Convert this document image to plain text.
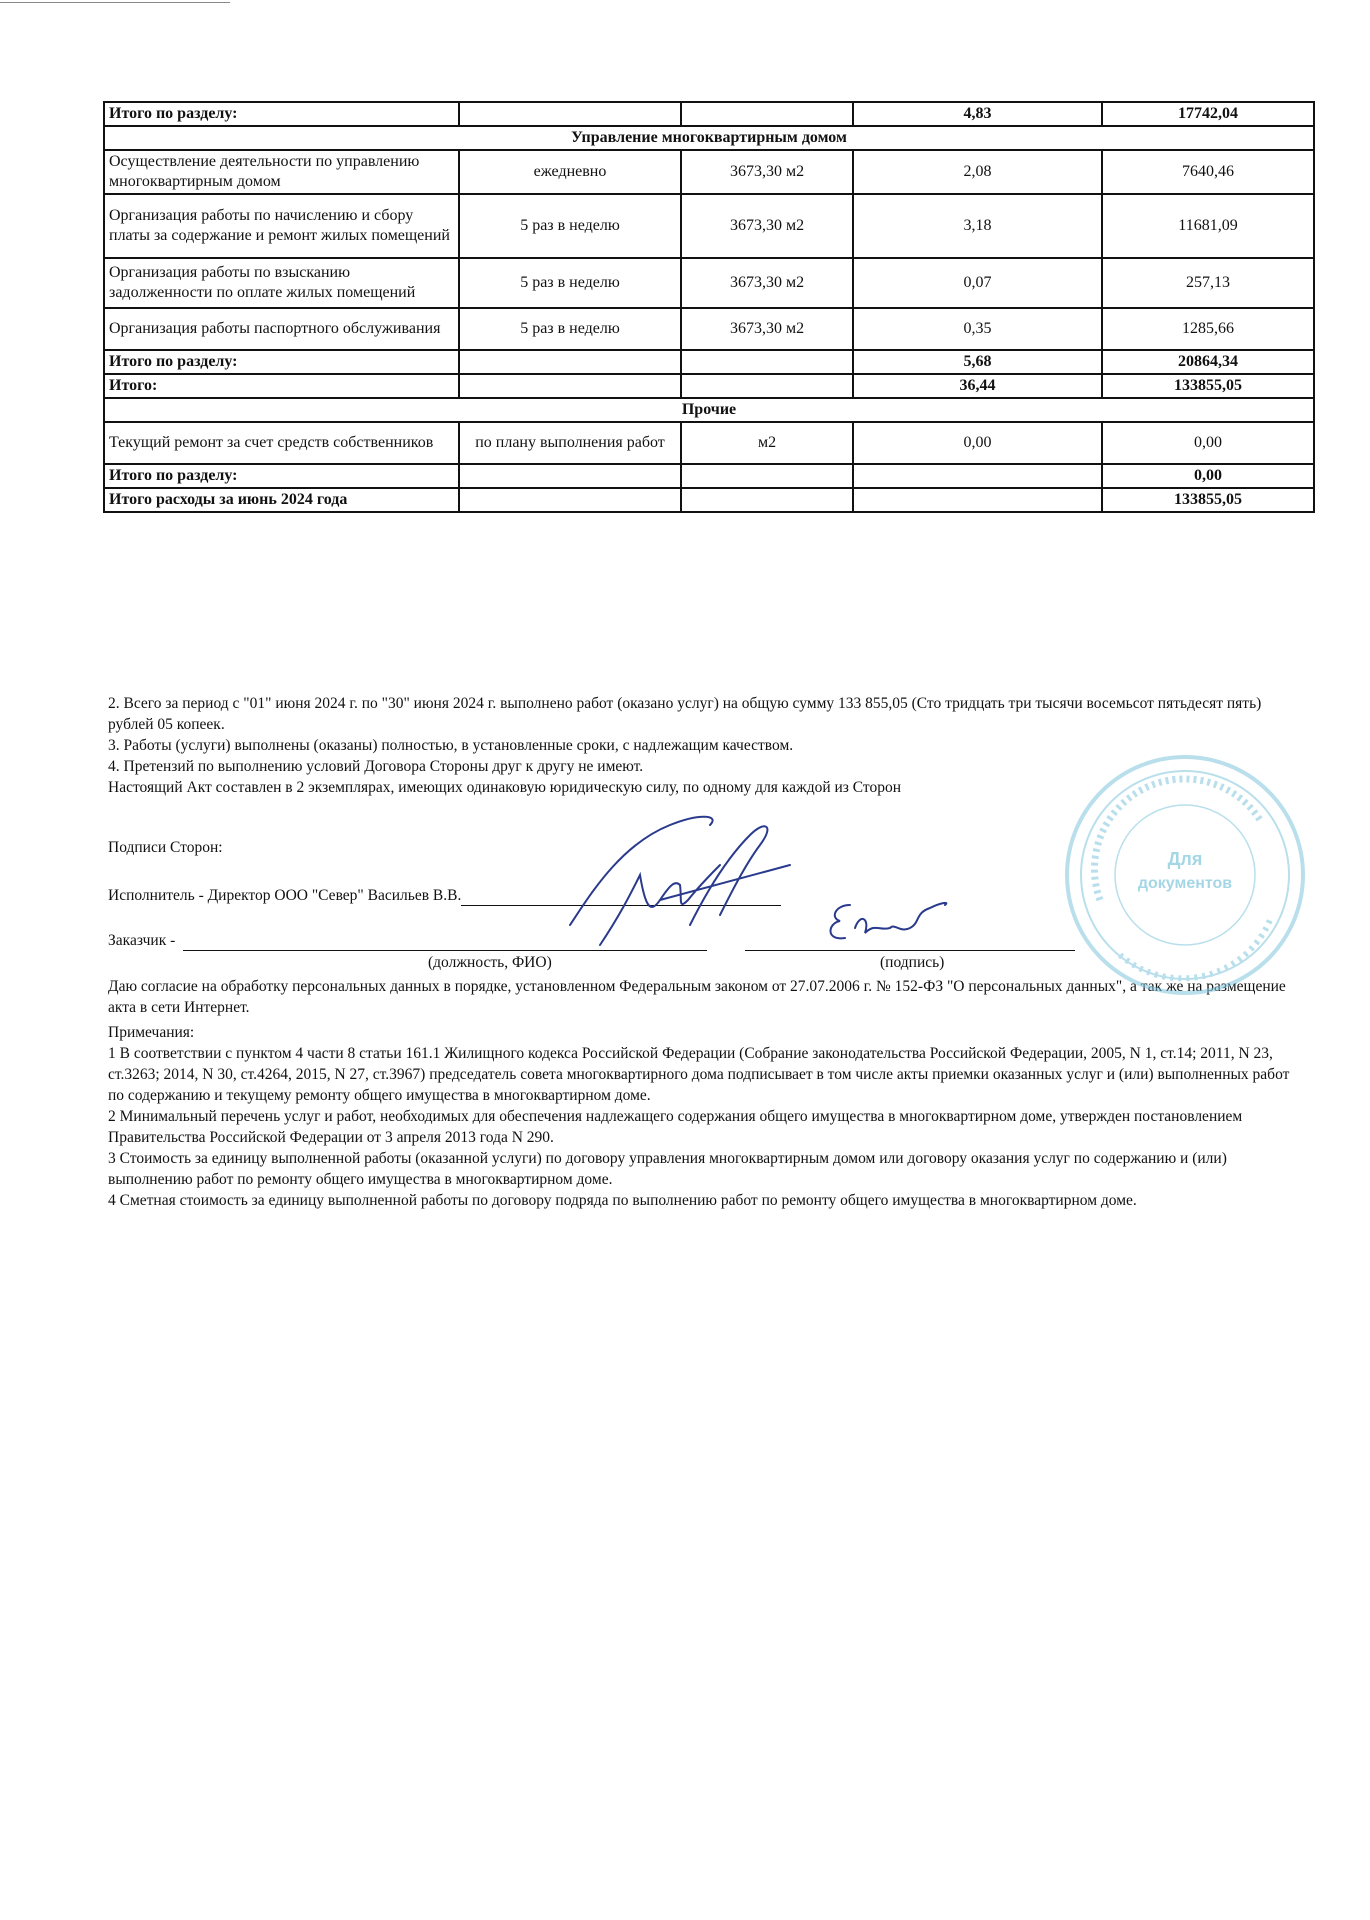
Итого по разделу:			4,83	17742,04
Управление многоквартирным домом				
Осуществление деятельности по управлению многоквартирным домом	ежедневно	3673,30 м2	2,08	7640,46
Организация работы по начислению и сбору платы за содержание и ремонт жилых помещений	5 раз в неделю	3673,30 м2	3,18	11681,09
Организация работы по взысканию задолженности по оплате жилых помещений	5 раз в неделю	3673,30 м2	0,07	257,13
Организация работы паспортного обслуживания	5 раз в неделю	3673,30 м2	0,35	1285,66
Итого по разделу:			5,68	20864,34
Итого:			36,44	133855,05
Прочие				
Текущий ремонт за счет средств собственников	по плану выполнения работ	м2	0,00	0,00
Итого по разделу:				0,00
Итого расходы за июнь 2024 года				133855,05

2. Всего за период с "01" июня 2024 г. по "30" июня 2024 г. выполнено работ (оказано услуг) на общую сумму 133 855,05 (Сто тридцать три тысячи восемьсот пятьдесят пять) рублей 05 копеек.

3. Работы (услуги) выполнены (оказаны) полностью, в установленные сроки, с надлежащим качеством.

4. Претензий по выполнению условий Договора Стороны друг к другу не имеют.

Настоящий Акт составлен в 2 экземплярах, имеющих одинаковую юридическую силу, по одному для каждой из Сторон

Подписи Сторон:
Исполнитель - Директор ООО "Север" Васильев В.В.
Заказчик -
(должность, ФИО)	(подпись)
Даю согласие на обработку персональных данных в порядке, установленном Федеральным законом от 27.07.2006 г. № 152-ФЗ "О персональных данных", а так же на размещение акта в сети Интернет.

Примечания:

1 В соответствии с пунктом 4 части 8 статьи 161.1 Жилищного кодекса Российской Федерации (Собрание законодательства Российской Федерации, 2005, N 1, ст.14; 2011, N 23, ст.3263; 2014, N 30, ст.4264, 2015, N 27, ст.3967) председатель совета многоквартирного дома подписывает в том числе акты приемки оказанных услуг и (или) выполненных работ по содержанию и текущему ремонту общего имущества в многоквартирном доме.

2 Минимальный перечень услуг и работ, необходимых для обеспечения надлежащего содержания общего имущества в многоквартирном доме, утвержден постановлением Правительства Российской Федерации от 3 апреля 2013 года N 290.

3 Стоимость за единицу выполненной работы (оказанной услуги) по договору управления многоквартирным домом или договору оказания услуг по содержанию и (или) выполнению работ по ремонту общего имущества в многоквартирном доме.

4 Сметная стоимость за единицу выполненной работы по договору подряда по выполнению работ по ремонту общего имущества в многоквартирном доме.

Для
документов
